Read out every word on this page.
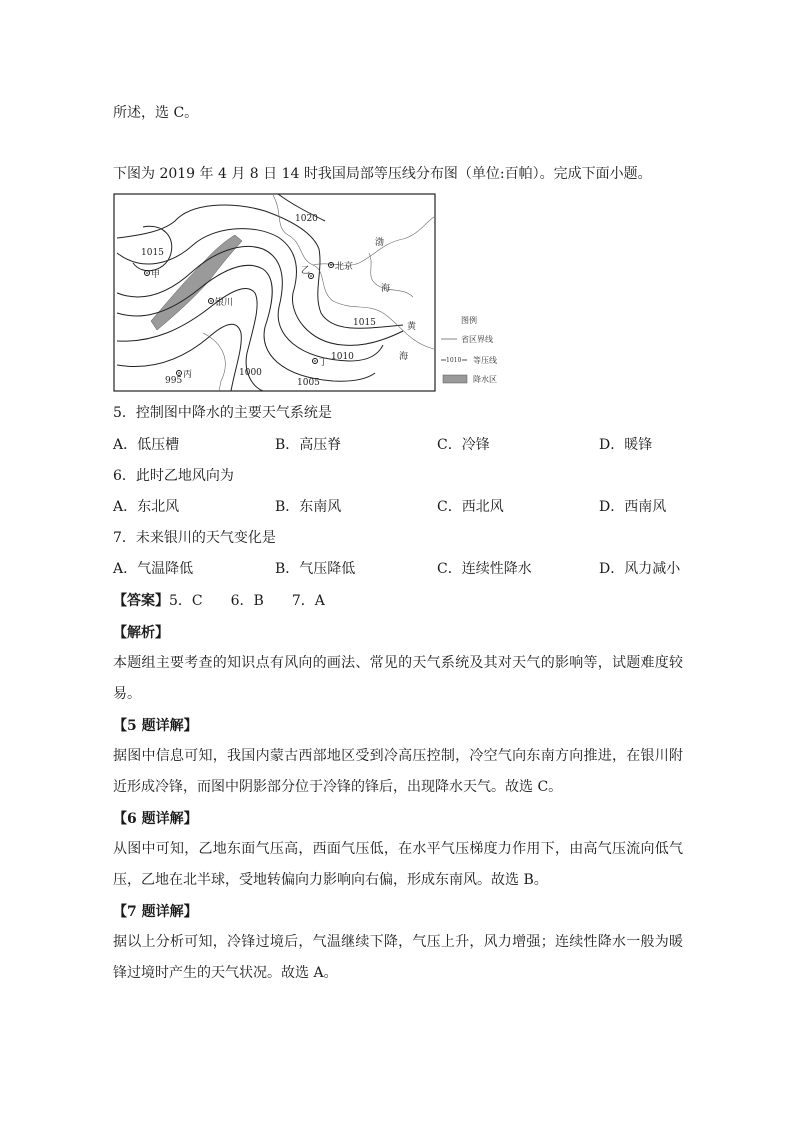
所述，选 C。
下图为 2019 年 4 月 8 日 14 时我国局部等压线分布图（单位:百帕）。完成下面小题。
甲
银川
乙	北京
丙
丁
渤
海
黄
海
1020
1015
1015
1010
1005
1000
995
图例
省区界线
1010 等压线
降水区
5．控制图中降水的主要天气系统是
A．低压槽	B．高压脊	C．冷锋	D．暖锋
6．此时乙地风向为
A．东北风	B．东南风	C．西北风	D．西南风
7．未来银川的天气变化是
A．气温降低	B．气压降低	C．连续性降水	D．风力减小
【答案】5．C　　6．B　　7．A
【解析】
本题组主要考查的知识点有风向的画法、常见的天气系统及其对天气的影响等，试题难度较易。
【5 题详解】
据图中信息可知，我国内蒙古西部地区受到冷高压控制，冷空气向东南方向推进，在银川附近形成冷锋，而图中阴影部分位于冷锋的锋后，出现降水天气。故选 C。
【6 题详解】
从图中可知，乙地东面气压高，西面气压低，在水平气压梯度力作用下，由高气压流向低气压，乙地在北半球，受地转偏向力影响向右偏，形成东南风。故选 B。
【7 题详解】
据以上分析可知，冷锋过境后，气温继续下降，气压上升，风力增强；连续性降水一般为暖锋过境时产生的天气状况。故选 A。
